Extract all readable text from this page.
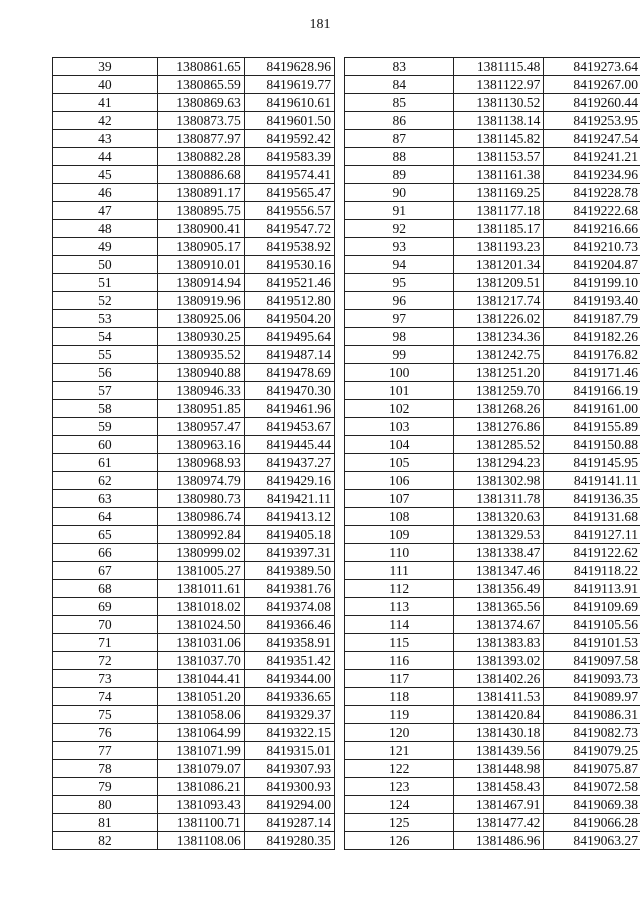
181
39	1380861.65	8419628.96
40	1380865.59	8419619.77
41	1380869.63	8419610.61
42	1380873.75	8419601.50
43	1380877.97	8419592.42
44	1380882.28	8419583.39
45	1380886.68	8419574.41
46	1380891.17	8419565.47
47	1380895.75	8419556.57
48	1380900.41	8419547.72
49	1380905.17	8419538.92
50	1380910.01	8419530.16
51	1380914.94	8419521.46
52	1380919.96	8419512.80
53	1380925.06	8419504.20
54	1380930.25	8419495.64
55	1380935.52	8419487.14
56	1380940.88	8419478.69
57	1380946.33	8419470.30
58	1380951.85	8419461.96
59	1380957.47	8419453.67
60	1380963.16	8419445.44
61	1380968.93	8419437.27
62	1380974.79	8419429.16
63	1380980.73	8419421.11
64	1380986.74	8419413.12
65	1380992.84	8419405.18
66	1380999.02	8419397.31
67	1381005.27	8419389.50
68	1381011.61	8419381.76
69	1381018.02	8419374.08
70	1381024.50	8419366.46
71	1381031.06	8419358.91
72	1381037.70	8419351.42
73	1381044.41	8419344.00
74	1381051.20	8419336.65
75	1381058.06	8419329.37
76	1381064.99	8419322.15
77	1381071.99	8419315.01
78	1381079.07	8419307.93
79	1381086.21	8419300.93
80	1381093.43	8419294.00
81	1381100.71	8419287.14
82	1381108.06	8419280.35
83	1381115.48	8419273.64
84	1381122.97	8419267.00
85	1381130.52	8419260.44
86	1381138.14	8419253.95
87	1381145.82	8419247.54
88	1381153.57	8419241.21
89	1381161.38	8419234.96
90	1381169.25	8419228.78
91	1381177.18	8419222.68
92	1381185.17	8419216.66
93	1381193.23	8419210.73
94	1381201.34	8419204.87
95	1381209.51	8419199.10
96	1381217.74	8419193.40
97	1381226.02	8419187.79
98	1381234.36	8419182.26
99	1381242.75	8419176.82
100	1381251.20	8419171.46
101	1381259.70	8419166.19
102	1381268.26	8419161.00
103	1381276.86	8419155.89
104	1381285.52	8419150.88
105	1381294.23	8419145.95
106	1381302.98	8419141.11
107	1381311.78	8419136.35
108	1381320.63	8419131.68
109	1381329.53	8419127.11
110	1381338.47	8419122.62
111	1381347.46	8419118.22
112	1381356.49	8419113.91
113	1381365.56	8419109.69
114	1381374.67	8419105.56
115	1381383.83	8419101.53
116	1381393.02	8419097.58
117	1381402.26	8419093.73
118	1381411.53	8419089.97
119	1381420.84	8419086.31
120	1381430.18	8419082.73
121	1381439.56	8419079.25
122	1381448.98	8419075.87
123	1381458.43	8419072.58
124	1381467.91	8419069.38
125	1381477.42	8419066.28
126	1381486.96	8419063.27
